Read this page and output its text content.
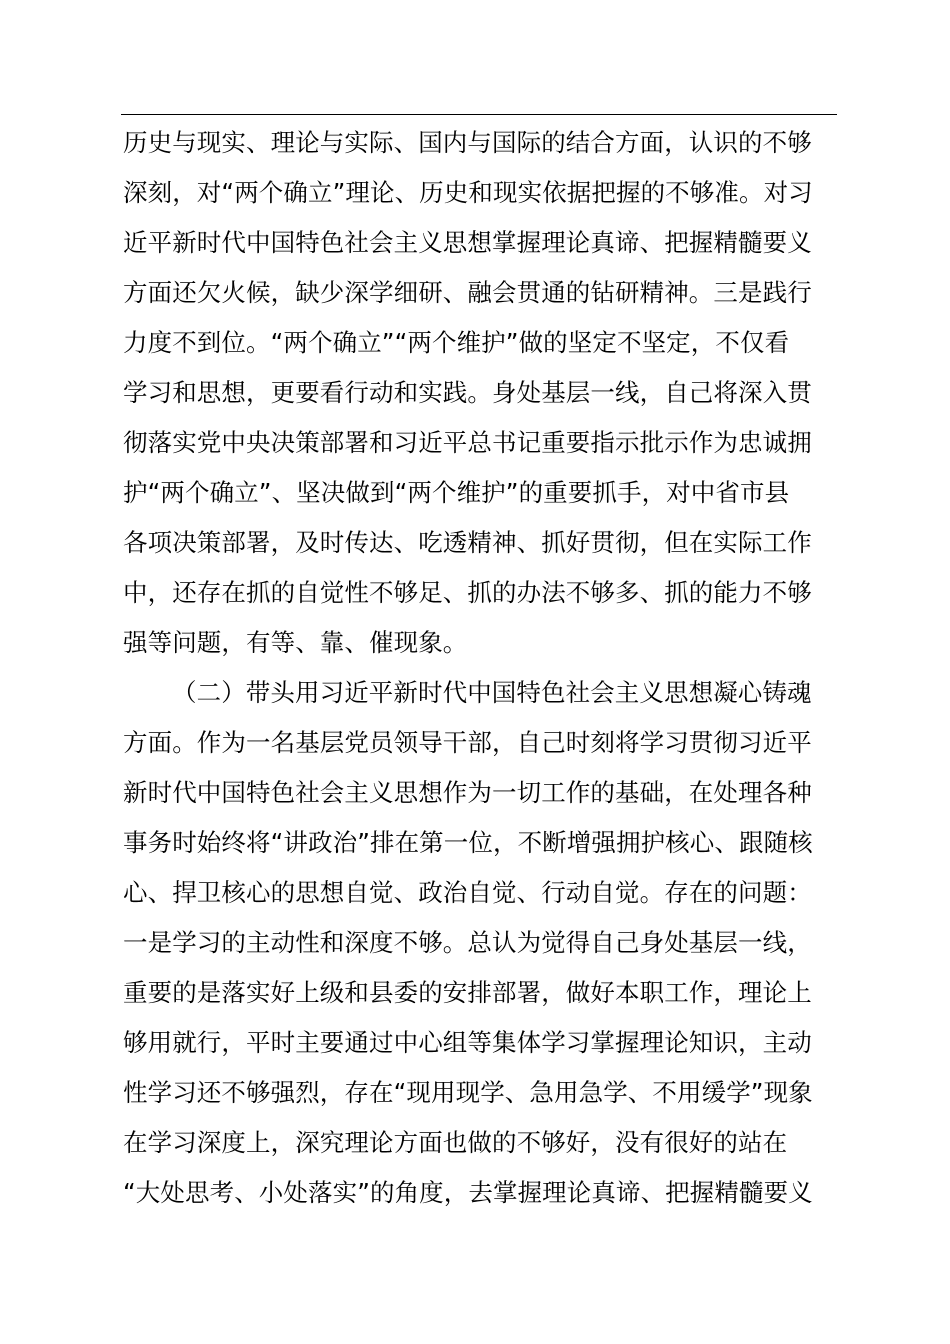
历史与现实、理论与实际、国内与国际的结合方面，认识的不够
深刻，对“两个确立”理论、历史和现实依据把握的不够准。对习
近平新时代中国特色社会主义思想掌握理论真谛、把握精髓要义
方面还欠火候，缺少深学细研、融会贯通的钻研精神。三是践行
力度不到位。“两个确立”“两个维护”做的坚定不坚定，不仅看
学习和思想，更要看行动和实践。身处基层一线，自己将深入贯
彻落实党中央决策部署和习近平总书记重要指示批示作为忠诚拥
护“两个确立”、坚决做到“两个维护”的重要抓手，对中省市县
各项决策部署，及时传达、吃透精神、抓好贯彻，但在实际工作
中，还存在抓的自觉性不够足、抓的办法不够多、抓的能力不够
强等问题，有等、靠、催现象。
（二）带头用习近平新时代中国特色社会主义思想凝心铸魂
方面。作为一名基层党员领导干部，自己时刻将学习贯彻习近平
新时代中国特色社会主义思想作为一切工作的基础，在处理各种
事务时始终将“讲政治”排在第一位，不断增强拥护核心、跟随核
心、捍卫核心的思想自觉、政治自觉、行动自觉。存在的问题：
一是学习的主动性和深度不够。总认为觉得自己身处基层一线，
重要的是落实好上级和县委的安排部署，做好本职工作，理论上
够用就行，平时主要通过中心组等集体学习掌握理论知识，主动
性学习还不够强烈，存在“现用现学、急用急学、不用缓学”现象
在学习深度上，深究理论方面也做的不够好，没有很好的站在
“大处思考、小处落实”的角度，去掌握理论真谛、把握精髓要义
